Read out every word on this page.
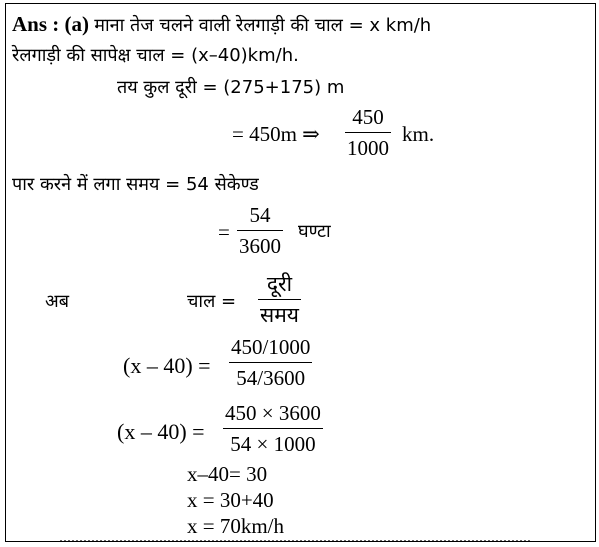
Ans : (a) माना तेज चलने वाली रेलगाड़ी की चाल = x km/h
रेलगाड़ी की सापेक्ष चाल = (x–40)km/h.
तय कुल दूरी = (275+175) m
= 450m ⇒
450
1000
km.
पार करने में लगा समय = 54 सेकेण्ड
=
54
3600
घण्टा
अब	चाल =
दूरी
समय
(x – 40) =
450/1000
54/3600
(x – 40) =
450 × 3600
54 × 1000
x–40= 30
x = 30+40
x = 70km/h
